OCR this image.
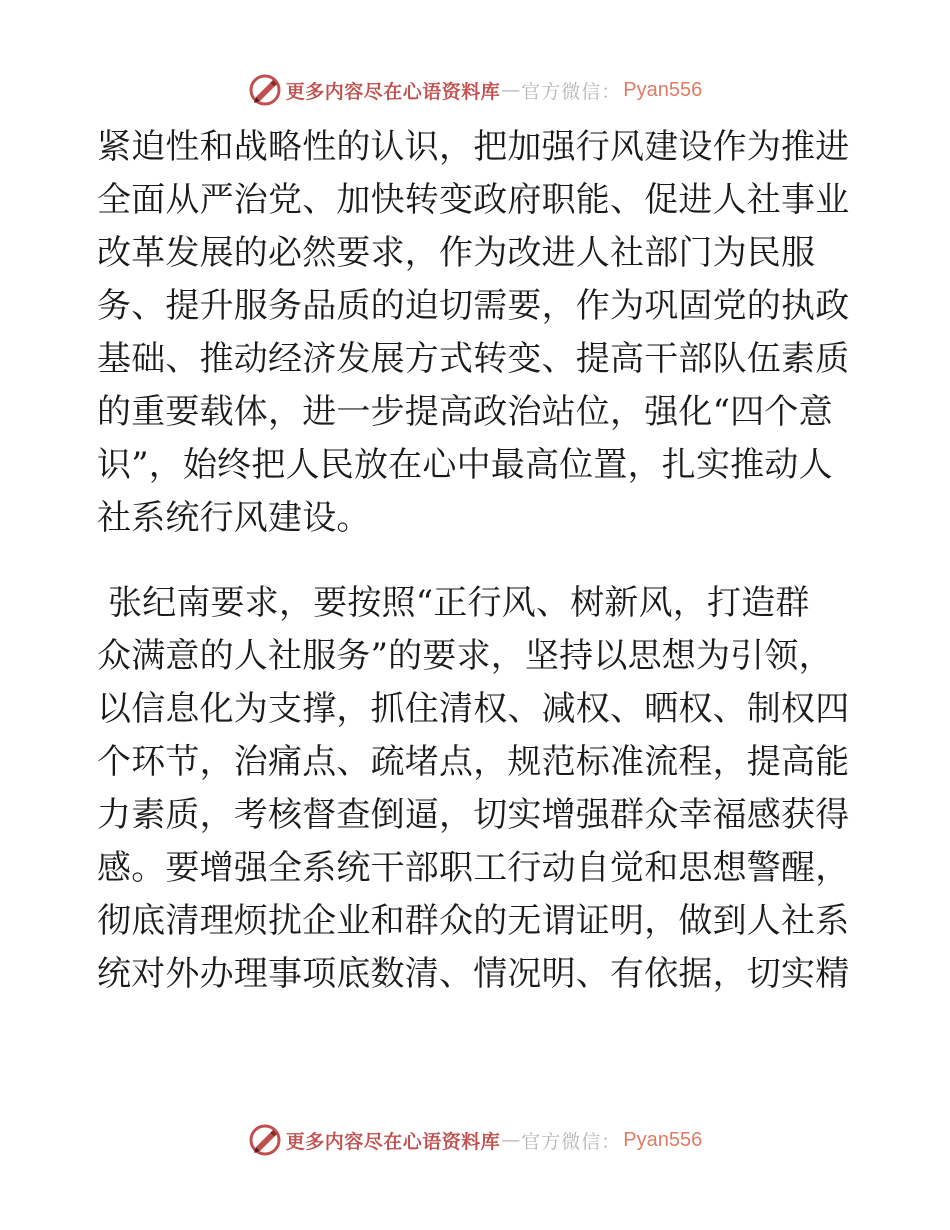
更多内容尽在心语资料库 — 官方微信： Pyan556
紧迫性和战略性的认识，把加强行风建设作为推进
全面从严治党、加快转变政府职能、促进人社事业
改革发展的必然要求，作为改进人社部门为民服
务、提升服务品质的迫切需要，作为巩固党的执政
基础、推动经济发展方式转变、提高干部队伍素质
的重要载体，进一步提高政治站位，强化“四个意
识”，始终把人民放在心中最高位置，扎实推动人
社系统行风建设。
张纪南要求，要按照“正行风、树新风，打造群
众满意的人社服务”的要求，坚持以思想为引领，
以信息化为支撑，抓住清权、减权、晒权、制权四
个环节，治痛点、疏堵点，规范标准流程，提高能
力素质，考核督查倒逼，切实增强群众幸福感获得
感。要增强全系统干部职工行动自觉和思想警醒，
彻底清理烦扰企业和群众的无谓证明，做到人社系
统对外办理事项底数清、情况明、有依据，切实精
更多内容尽在心语资料库 — 官方微信： Pyan556
